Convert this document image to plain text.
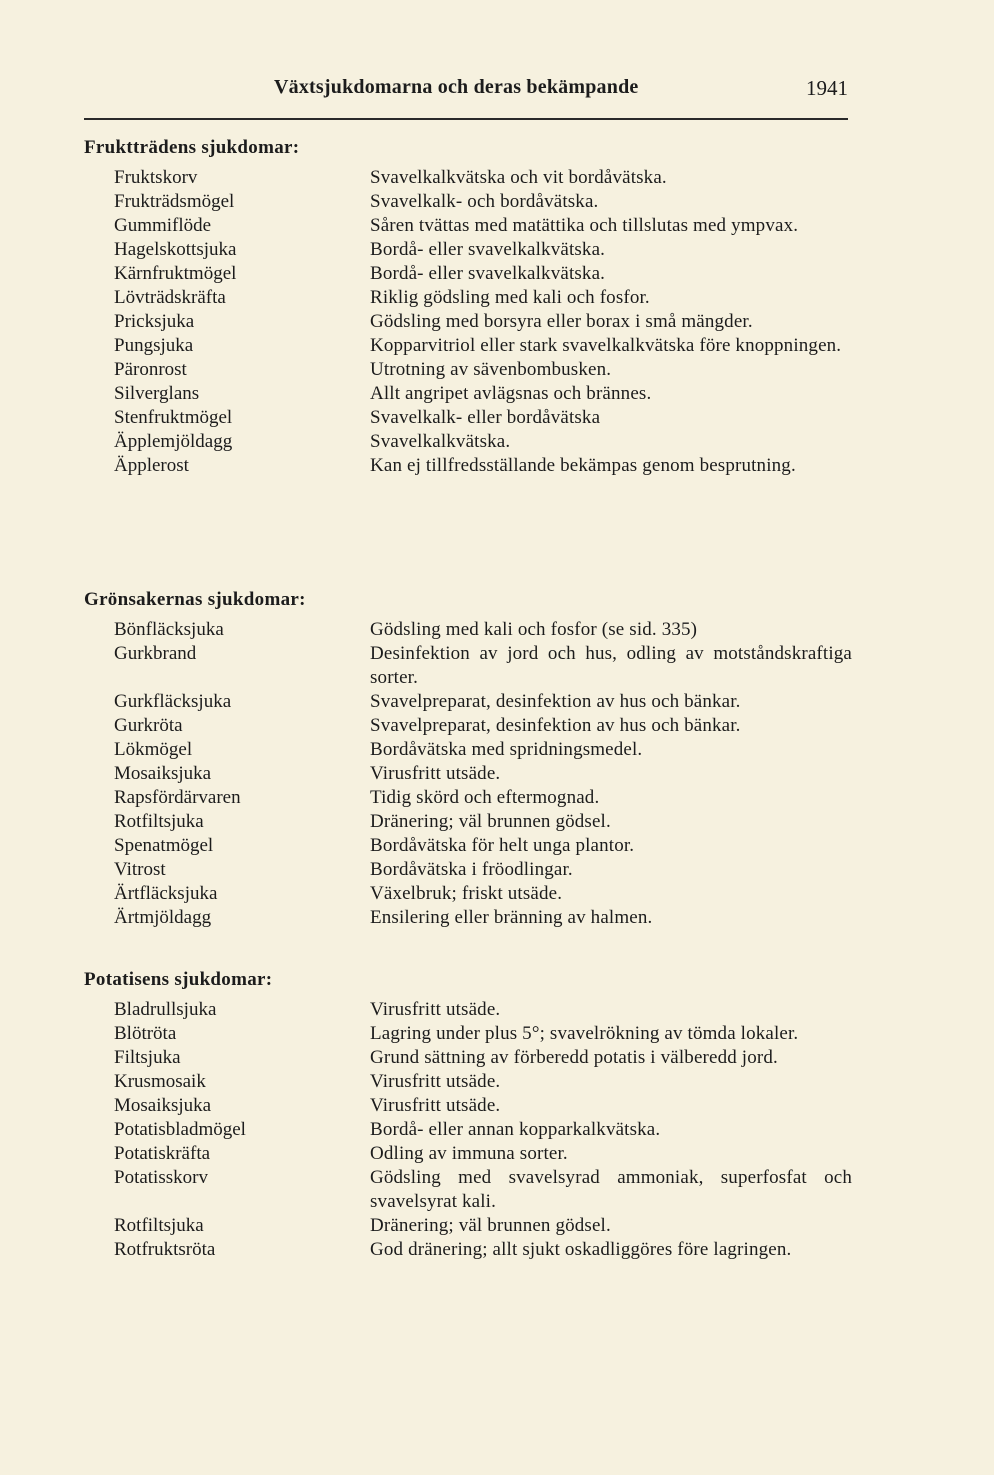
Växtsjukdomarna och deras bekämpande	1941
Fruktträdens sjukdomar:
Fruktskorv	Svavelkalkvätska och vit bordåvätska.
Frukträdsmögel	Svavelkalk- och bordåvätska.
Gummiflöde	Såren tvättas med matättika och tillslutas med ympvax.
Hagelskottsjuka	Bordå- eller svavelkalkvätska.
Kärnfruktmögel	Bordå- eller svavelkalkvätska.
Lövträdskräfta	Riklig gödsling med kali och fosfor.
Pricksjuka	Gödsling med borsyra eller borax i små mängder.
Pungsjuka	Kopparvitriol eller stark svavelkalkvätska före knoppningen.
Päronrost	Utrotning av sävenbombusken.
Silverglans	Allt angripet avlägsnas och brännes.
Stenfruktmögel	Svavelkalk- eller bordåvätska
Äpplemjöldagg	Svavelkalkvätska.
Äpplerost	Kan ej tillfredsställande bekämpas genom besprutning.
Grönsakernas sjukdomar:
Bönfläcksjuka	Gödsling med kali och fosfor (se sid. 335)
Gurkbrand	Desinfektion av jord och hus, odling av motståndskraftiga sorter.
Gurkfläcksjuka	Svavelpreparat, desinfektion av hus och bänkar.
Gurkröta	Svavelpreparat, desinfektion av hus och bänkar.
Lökmögel	Bordåvätska med spridningsmedel.
Mosaiksjuka	Virusfritt utsäde.
Rapsfördärvaren	Tidig skörd och eftermognad.
Rotfiltsjuka	Dränering; väl brunnen gödsel.
Spenatmögel	Bordåvätska för helt unga plantor.
Vitrost	Bordåvätska i fröodlingar.
Ärtfläcksjuka	Växelbruk; friskt utsäde.
Ärtmjöldagg	Ensilering eller bränning av halmen.
Potatisens sjukdomar:
Bladrullsjuka	Virusfritt utsäde.
Blötröta	Lagring under plus 5°; svavelrökning av tömda lokaler.
Filtsjuka	Grund sättning av förberedd potatis i välberedd jord.
Krusmosaik	Virusfritt utsäde.
Mosaiksjuka	Virusfritt utsäde.
Potatisbladmögel	Bordå- eller annan kopparkalkvätska.
Potatiskräfta	Odling av immuna sorter.
Potatisskorv	Gödsling med svavelsyrad ammoniak, superfosfat och svavelsyrat kali.
Rotfiltsjuka	Dränering; väl brunnen gödsel.
Rotfruktsröta	God dränering; allt sjukt oskadliggöres före lagringen.
